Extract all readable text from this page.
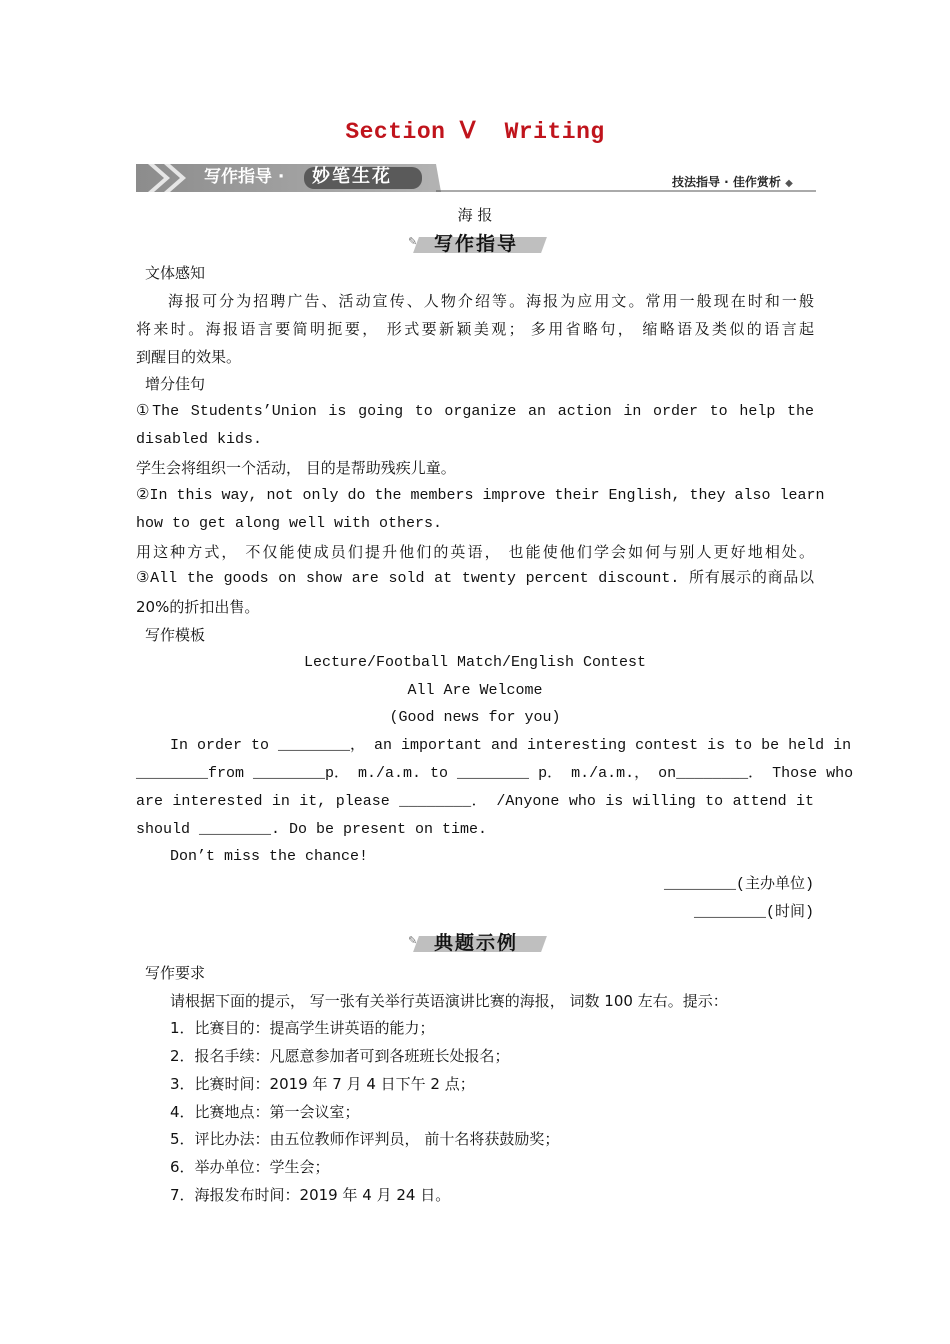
Section Ⅴ  Writing
写作指导 · 妙笔生花	技法指导 · 佳作赏析 ◆
海 报
✎ 写作指导
文体感知
海报可分为招聘广告、活动宣传、人物介绍等。海报为应用文。常用一般现在时和一般
将来时。海报语言要简明扼要， 形式要新颖美观； 多用省略句， 缩略语及类似的语言起
到醒目的效果。
增分佳句
①The Students’Union is going to organize an action in order to help the
disabled kids.
学生会将组织一个活动， 目的是帮助残疾儿童。
②In this way, not only do the members improve their English, they also learn
how to get along well with others.
用这种方式， 不仅能使成员们提升他们的英语， 也能使他们学会如何与别人更好地相处。
③All the goods on show are sold at twenty percent discount. 所有展示的商品以
20%的折扣出售。
写作模板
Lecture/Football Match/English Contest
All Are Welcome
(Good news for you)
In order to ________， an important and interesting contest is to be held in
________from ________p． m./a.m. to ________ p． m./a.m.， on________． Those who
are interested in it, please ________． /Anyone who is willing to attend it
should ________. Do be present on time.
Don’t miss the chance!
________(主办单位)
________(时间)
✎ 典题示例
写作要求
请根据下面的提示， 写一张有关举行英语演讲比赛的海报， 词数 100 左右。提示：
1．比赛目的：提高学生讲英语的能力；
2．报名手续：凡愿意参加者可到各班班长处报名；
3．比赛时间：2019 年 7 月 4 日下午 2 点；
4．比赛地点：第一会议室；
5．评比办法：由五位教师作评判员， 前十名将获鼓励奖；
6．举办单位：学生会；
7．海报发布时间：2019 年 4 月 24 日。
